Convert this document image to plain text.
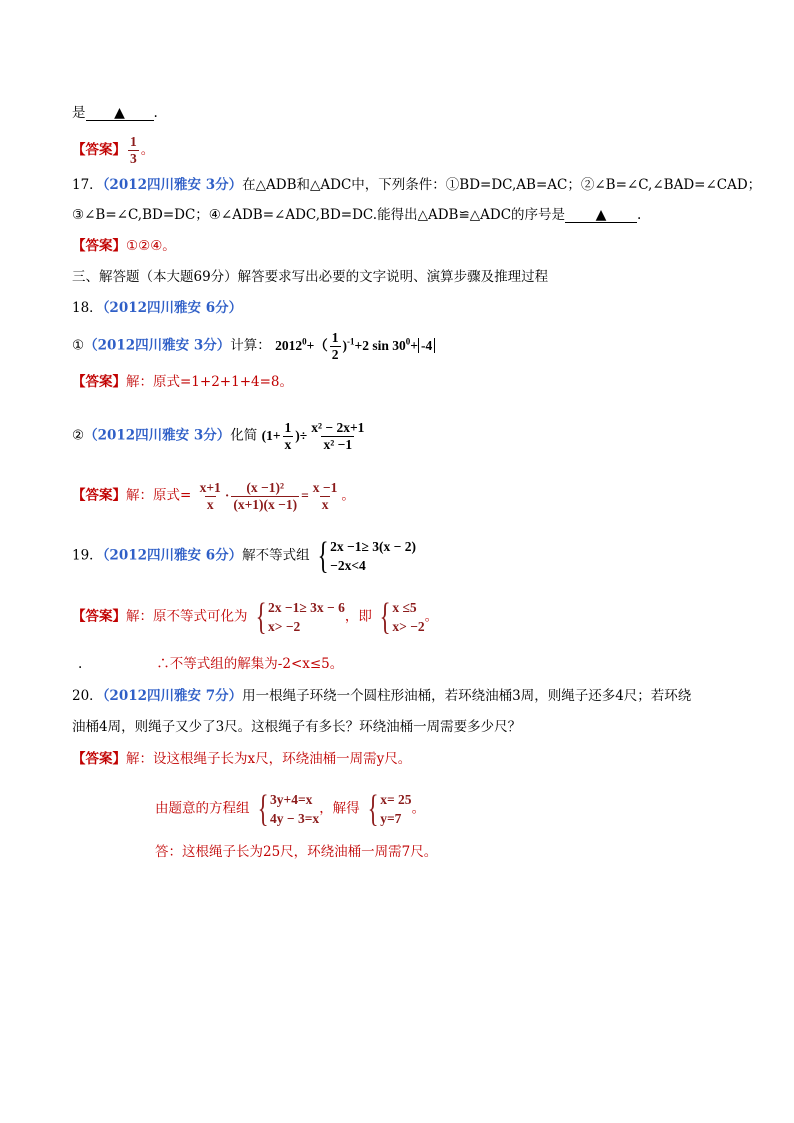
是 ▲ .
【答案】 $\frac{1}{3}$ 。
17．（2012四川雅安 3分）在△ADB和△ADC中，下列条件：①BD=DC,AB=AC；②∠B=∠C,∠BAD=∠CAD；
③∠B=∠C,BD=DC；④∠ADB=∠ADC,BD=DC.能得出△ADB≌△ADC的序号是 ▲ .
【答案】①②④。
三、解答题（本大题69分）解答要求写出必要的文字说明、演算步骤及推理过程
18．（2012四川雅安 6分）
①（2012四川雅安 3分）计算： $2012^0+( \frac{1}{2} )^{-1}+2$ $\sin 30^0+ -4$
【答案】解：原式=1+2+1+4=8。
②（2012四川雅安 3分）化简 ($1+ \frac{1}{x}$ )÷ $\frac{\text{x² − 2x+1}}{\text{x² −1}}$
【答案】解：原式= $\frac{x+1}{x} \cdot \frac{\text{(x −1)²}}{(x+1)(x -1)} = \frac{x -1}{x}$ 。
19．（2012四川雅安 6分）解不等式组 { 2x −1≥ 3(x − 2)
−2x<4
【答案】解：原不等式可化为 { 2x −1≥ 3x − 6
x> −2
，即 { x ≤5
x> −2
。
.	∴不等式组的解集为-2<x≤5。
20．（2012四川雅安 7分）用一根绳子环绕一个圆柱形油桶，若环绕油桶3周，则绳子还多4尺；若环绕
油桶4周，则绳子又少了3尺。这根绳子有多长？环绕油桶一周需要多少尺？
【答案】解：设这根绳子长为x尺，环绕油桶一周需y尺。
由题意的方程组 { 3y+4=x
4y − 3=x
，解得 { x= 25
y=7
。
答：这根绳子长为25尺，环绕油桶一周需7尺。
